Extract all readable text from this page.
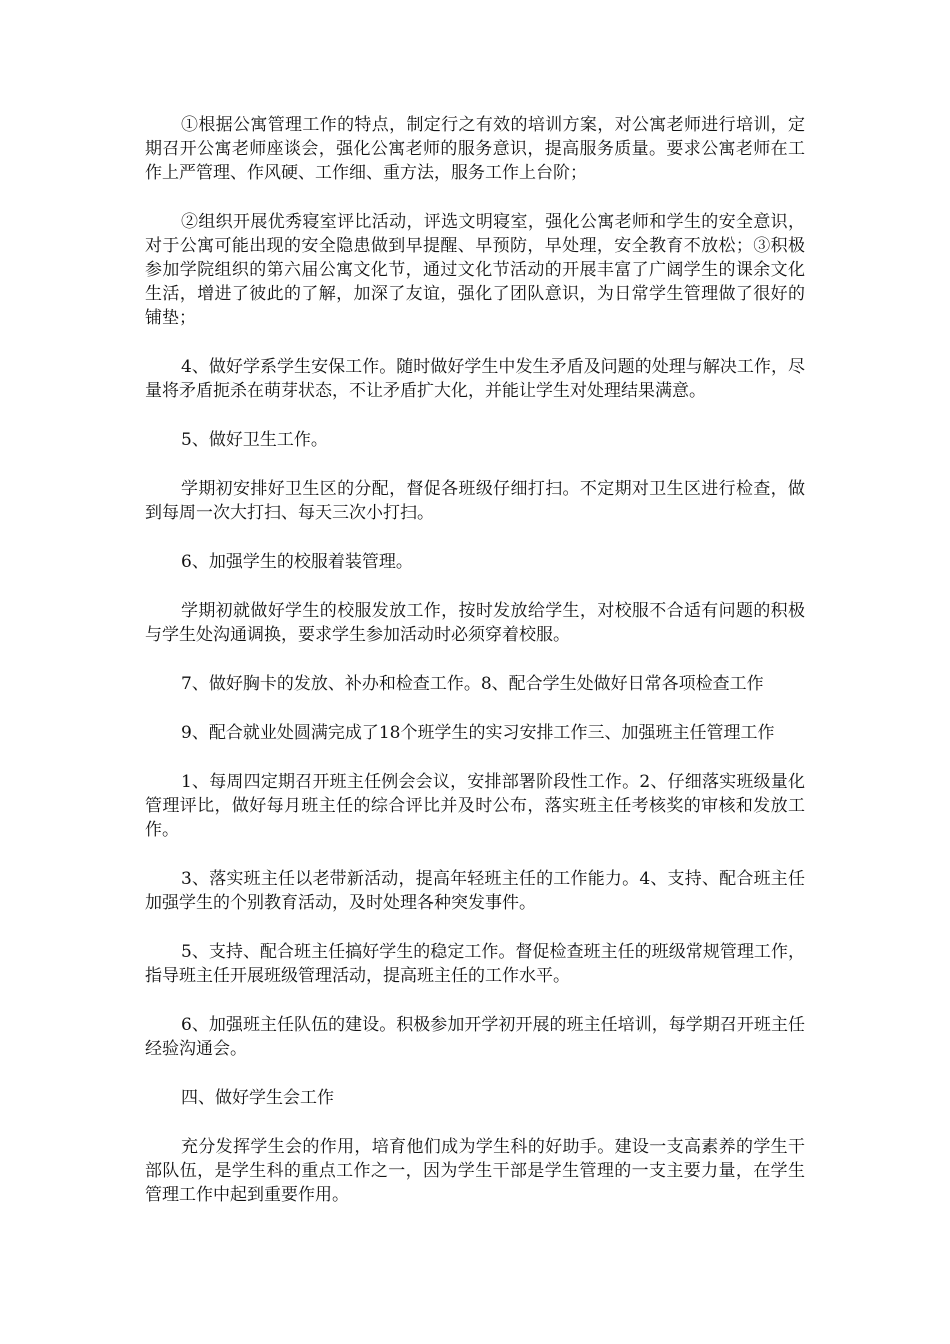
①根据公寓管理工作的特点，制定行之有效的培训方案，对公寓老师进行培训，定期召开公寓老师座谈会，强化公寓老师的服务意识，提高服务质量。要求公寓老师在工作上严管理、作风硬、工作细、重方法，服务工作上台阶；

②组织开展优秀寝室评比活动，评选文明寝室，强化公寓老师和学生的安全意识，对于公寓可能出现的安全隐患做到早提醒、早预防，早处理，安全教育不放松；③积极参加学院组织的第六届公寓文化节，通过文化节活动的开展丰富了广阔学生的课余文化生活，增进了彼此的了解，加深了友谊，强化了团队意识，为日常学生管理做了很好的铺垫；

4、做好学系学生安保工作。随时做好学生中发生矛盾及问题的处理与解决工作，尽量将矛盾扼杀在萌芽状态，不让矛盾扩大化，并能让学生对处理结果满意。

5、做好卫生工作。

学期初安排好卫生区的分配，督促各班级仔细打扫。不定期对卫生区进行检查，做到每周一次大打扫、每天三次小打扫。

6、加强学生的校服着装管理。

学期初就做好学生的校服发放工作，按时发放给学生，对校服不合适有问题的积极与学生处沟通调换，要求学生参加活动时必须穿着校服。

7、做好胸卡的发放、补办和检查工作。8、配合学生处做好日常各项检查工作

9、配合就业处圆满完成了18个班学生的实习安排工作三、加强班主任管理工作

1、每周四定期召开班主任例会会议，安排部署阶段性工作。2、仔细落实班级量化管理评比，做好每月班主任的综合评比并及时公布，落实班主任考核奖的审核和发放工作。

3、落实班主任以老带新活动，提高年轻班主任的工作能力。4、支持、配合班主任加强学生的个别教育活动，及时处理各种突发事件。

5、支持、配合班主任搞好学生的稳定工作。督促检查班主任的班级常规管理工作，指导班主任开展班级管理活动，提高班主任的工作水平。

6、加强班主任队伍的建设。积极参加开学初开展的班主任培训，每学期召开班主任经验沟通会。

四、做好学生会工作

充分发挥学生会的作用，培育他们成为学生科的好助手。建设一支高素养的学生干部队伍，是学生科的重点工作之一，因为学生干部是学生管理的一支主要力量，在学生管理工作中起到重要作用。
